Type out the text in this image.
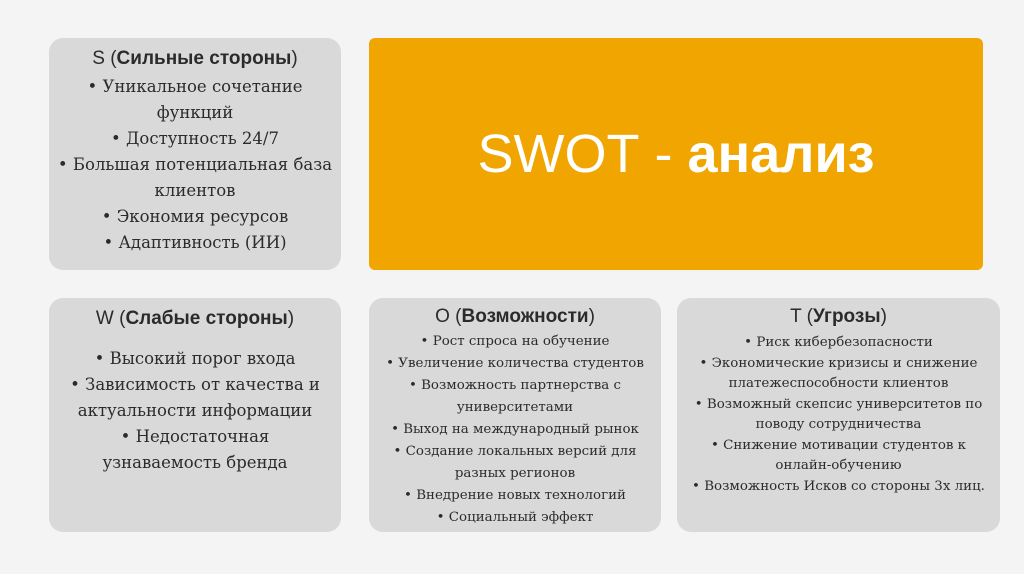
S (Сильные стороны)
• Уникальное сочетание функций
• Доступность 24/7
• Большая потенциальная база клиентов
• Экономия ресурсов
• Адаптивность (ИИ)
SWOT - анализ
W (Слабые стороны)
• Высокий порог входа
• Зависимость от качества и актуальности информации
• Недостаточная узнаваемость бренда
O (Возможности)
• Рост спроса на обучение
• Увеличение количества студентов
• Возможность партнерства с университетами
• Выход на международный рынок
• Создание локальных версий для разных регионов
• Внедрение новых технологий
• Социальный эффект
T (Угрозы)
• Риск кибербезопасности
• Экономические кризисы и снижение платежеспособности клиентов
• Возможный скепсис университетов по поводу сотрудничества
• Снижение мотивации студентов к онлайн-обучению
• Возможность Исков со стороны 3х лиц.
